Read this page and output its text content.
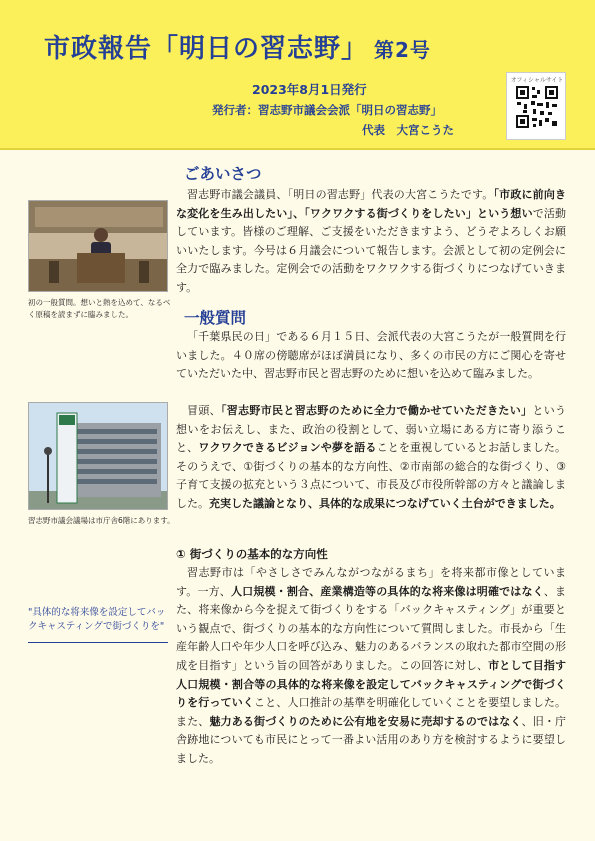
市政報告「明日の習志野」 第2号
2023年8月1日発行
発行者：習志野市議会会派「明日の習志野」
代表　大宮こうた
オフィシャルサイト
ごあいさつ
習志野市議会議員、「明日の習志野」代表の大宮こうたです。「市政に前向きな変化を生み出したい」、「ワクワクする街づくりをしたい」という想いで活動しています。皆様のご理解、ご支援をいただきますよう、どうぞよろしくお願いいたします。今号は６月議会について報告します。会派として初の定例会に全力で臨みました。定例会での活動をワクワクする街づくりにつなげていきます。
初の一般質問。想いと熱を込めて、なるべく原稿を読まずに臨みました。	一般質問
「千葉県民の日」である６月１５日、会派代表の大宮こうたが一般質問を行いました。４０席の傍聴席がほぼ満員になり、多くの市民の方にご関心を寄せていただいた中、習志野市民と習志野のために想いを込めて臨みました。
冒頭、「習志野市民と習志野のために全力で働かせていただきたい」という想いをお伝えし、また、政治の役割として、弱い立場にある方に寄り添うこと、ワクワクできるビジョンや夢を語ることを重視しているとお話しました。そのうえで、①街づくりの基本的な方向性、②市南部の総合的な街づくり、③子育て支援の拡充という３点について、市長及び市役所幹部の方々と議論しました。充実した議論となり、具体的な成果につなげていく土台ができました。
習志野市議会議場は市庁舎6階にあります。
"具体的な将来像を設定してバックキャスティングで街づくりを"
① 街づくりの基本的な方向性
習志野市は「やさしさでみんながつながるまち」を将来都市像としています。一方、人口規模・割合、産業構造等の具体的な将来像は明確ではなく、また、将来像から今を捉えて街づくりをする「バックキャスティング」が重要という観点で、街づくりの基本的な方向性について質問しました。市長から「生産年齢人口や年少人口を呼び込み、魅力のあるバランスの取れた都市空間の形成を目指す」という旨の回答がありました。この回答に対し、市として目指す人口規模・割合等の具体的な将来像を設定してバックキャスティングで街づくりを行っていくこと、人口推計の基準を明確化していくことを要望しました。また、魅力ある街づくりのために公有地を安易に売却するのではなく、旧・庁舎跡地についても市民にとって一番よい活用のあり方を検討するように要望しました。
